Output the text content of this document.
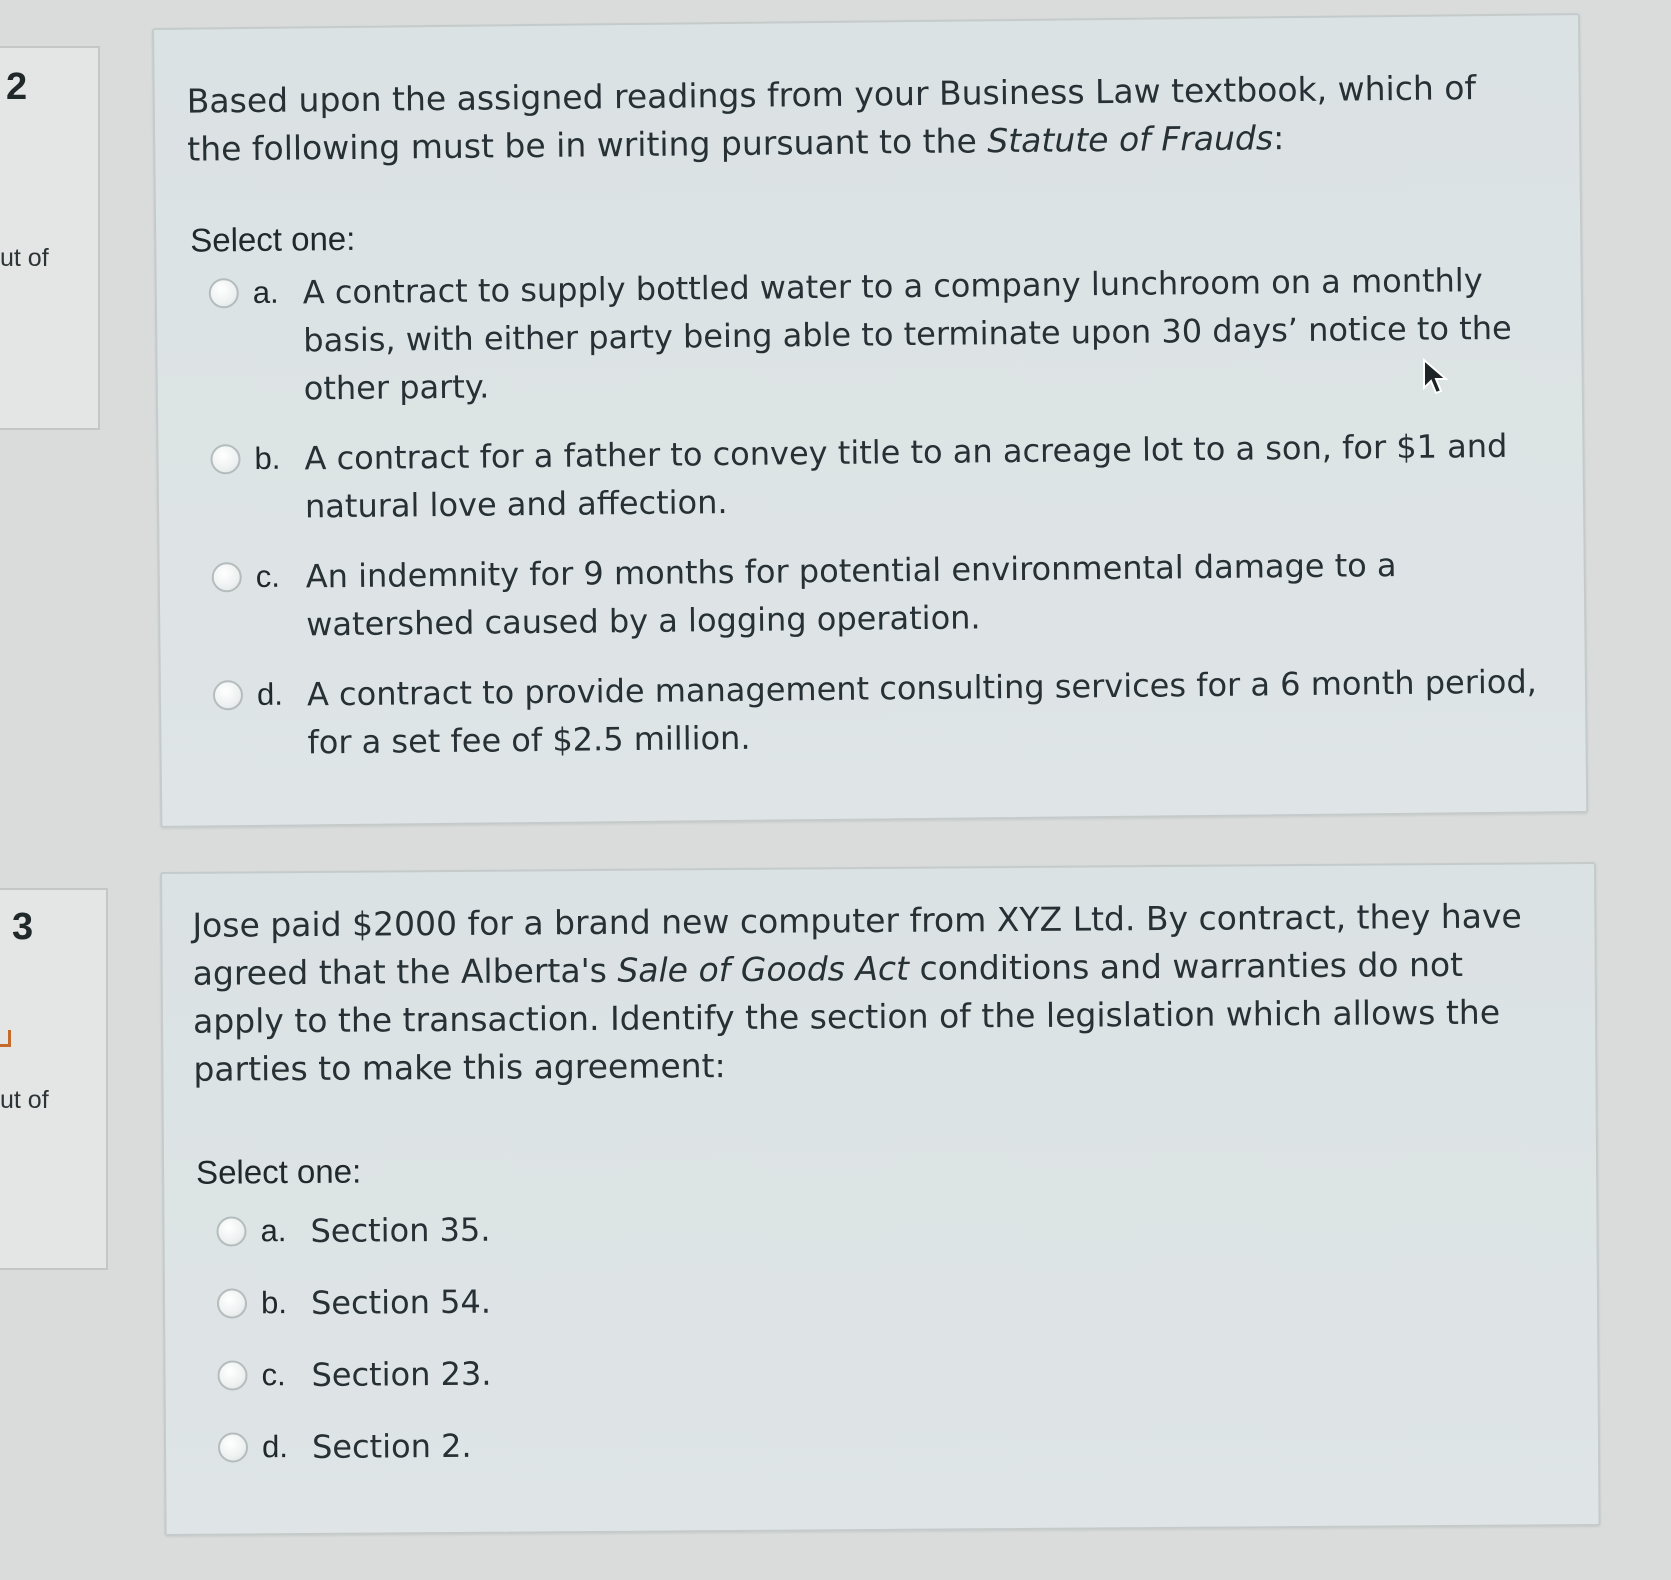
2
ut of
3
ut of
Based upon the assigned readings from your Business Law textbook, which of the following must be in writing pursuant to the Statute of Frauds:
Select one:
a. A contract to supply bottled water to a company lunchroom on a monthly basis, with either party being able to terminate upon 30 days’ notice to the other party.
b. A contract for a father to convey title to an acreage lot to a son, for $1 and natural love and affection.
c. An indemnity for 9 months for potential environmental damage to a watershed caused by a logging operation.
d. A contract to provide management consulting services for a 6 month period, for a set fee of $2.5 million.
Jose paid $2000 for a brand new computer from XYZ Ltd. By contract, they have agreed that the Alberta's Sale of Goods Act conditions and warranties do not apply to the transaction. Identify the section of the legislation which allows the parties to make this agreement:
Select one:
a. Section 35.
b. Section 54.
c. Section 23.
d. Section 2.
